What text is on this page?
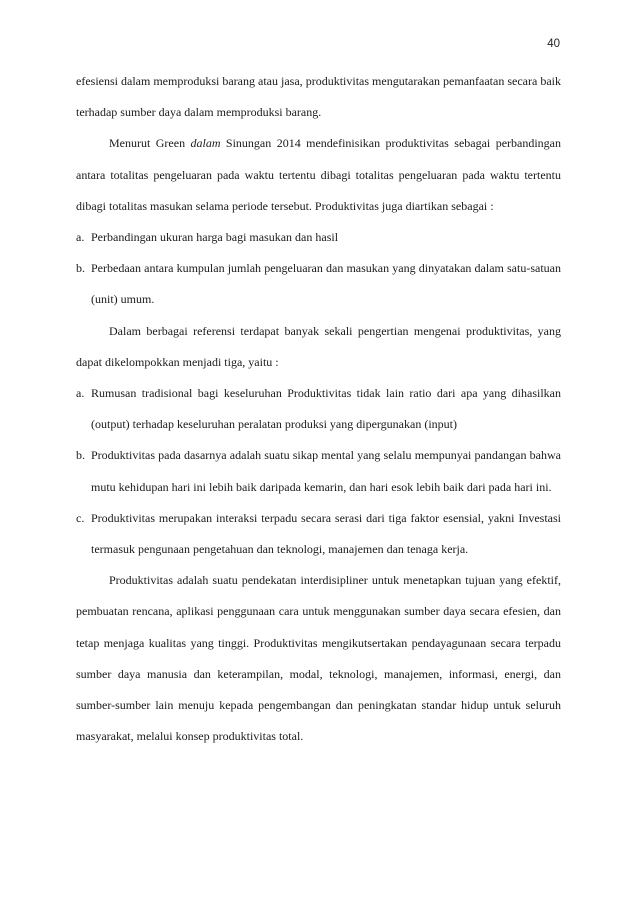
40

efesiensi dalam memproduksi barang atau jasa, produktivitas mengutarakan pemanfaatan secara baik terhadap sumber daya dalam memproduksi barang.

Menurut Green dalam Sinungan 2014 mendefinisikan produktivitas sebagai perbandingan antara totalitas pengeluaran pada waktu tertentu dibagi totalitas pengeluaran pada waktu tertentu dibagi totalitas masukan selama periode tersebut. Produktivitas juga diartikan sebagai :

a. Perbandingan ukuran harga bagi masukan dan hasil
b. Perbedaan antara kumpulan jumlah pengeluaran dan masukan yang dinyatakan dalam satu-satuan (unit) umum.

Dalam berbagai referensi terdapat banyak sekali pengertian mengenai produktivitas, yang dapat dikelompokkan menjadi tiga, yaitu :

a. Rumusan tradisional bagi keseluruhan Produktivitas tidak lain ratio dari apa yang dihasilkan (output) terhadap keseluruhan peralatan produksi yang dipergunakan (input)
b. Produktivitas pada dasarnya adalah suatu sikap mental yang selalu mempunyai pandangan bahwa mutu kehidupan hari ini lebih baik daripada kemarin, dan hari esok lebih baik dari pada hari ini.
c. Produktivitas merupakan interaksi terpadu secara serasi dari tiga faktor esensial, yakni Investasi termasuk pengunaan pengetahuan dan teknologi, manajemen dan tenaga kerja.

Produktivitas adalah suatu pendekatan interdisipliner untuk menetapkan tujuan yang efektif, pembuatan rencana, aplikasi penggunaan cara untuk menggunakan sumber daya secara efesien, dan tetap menjaga kualitas yang tinggi. Produktivitas mengikutsertakan pendayagunaan secara terpadu sumber daya manusia dan keterampilan, modal, teknologi, manajemen, informasi, energi, dan sumber-sumber lain menuju kepada pengembangan dan peningkatan standar hidup untuk seluruh masyarakat, melalui konsep produktivitas total.
